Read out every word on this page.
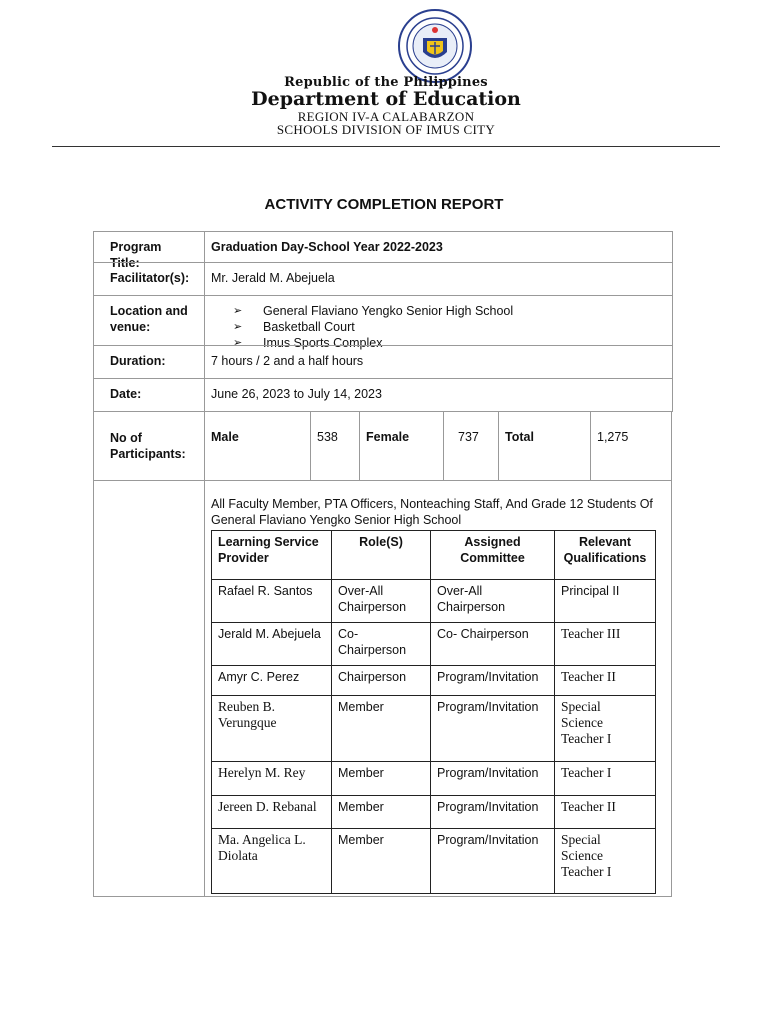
Republic of the Philippines
Department of Education
REGION IV-A CALABARZON
SCHOOLS DIVISION OF IMUS CITY
ACTIVITY COMPLETION REPORT
Program Title:
Graduation Day-School Year 2022-2023
Facilitator(s):	Mr. Jerald M. Abejuela
Location and venue:
➢ General Flaviano Yengko Senior High School
➢ Basketball Court
➢ Imus Sports Complex
Duration:	7 hours / 2 and a half hours
Date:	June 26, 2023 to July 14, 2023
No of Participants:
Male	538	Female	737	Total	1,275
All Faculty Member, PTA Officers, Nonteaching Staff, And Grade 12 Students Of General Flaviano Yengko Senior High School
Learning Service Provider	Role(S)	Assigned Committee	Relevant Qualifications
Rafael R. Santos	Over-All Chairperson	Over-All Chairperson	Principal II
Jerald M. Abejuela	Co-Chairperson	Co- Chairperson	Teacher III
Amyr C. Perez	Chairperson	Program/Invitation	Teacher II
Reuben B. Verungque	Member	Program/Invitation	Special Science Teacher I
Herelyn M. Rey	Member	Program/Invitation	Teacher I
Jereen D. Rebanal	Member	Program/Invitation	Teacher II
Ma. Angelica L. Diolata	Member	Program/Invitation	Special Science Teacher I
